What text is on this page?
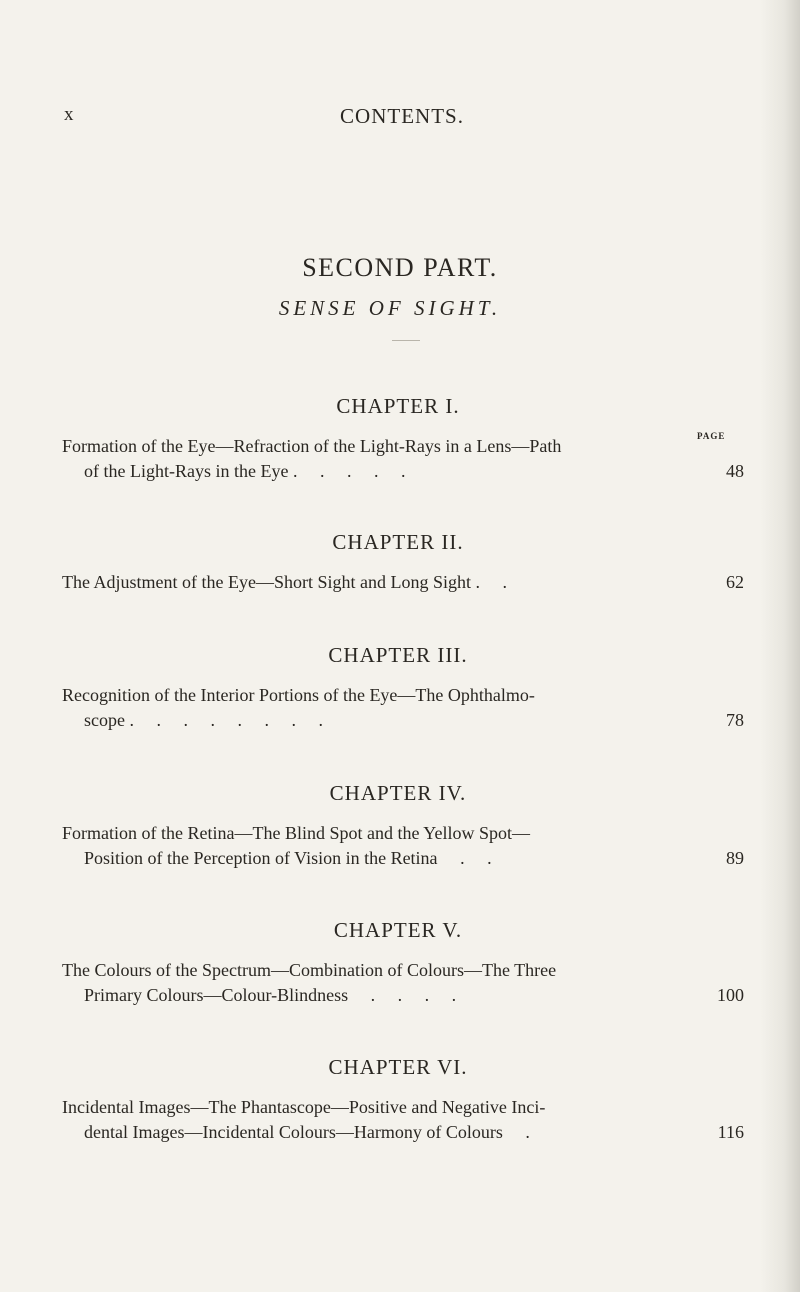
x	CONTENTS.
SECOND PART.
SENSE OF SIGHT.
PAGE
CHAPTER I.
Formation of the Eye—Refraction of the Light-Rays in a Lens—Path
of the Light-Rays in the Eye .     .     .     .     .	48
CHAPTER II.
The Adjustment of the Eye—Short Sight and Long Sight .     .	62
CHAPTER III.
Recognition of the Interior Portions of the Eye—The Ophthalmo-
scope .     .     .     .     .     .     .     .	78
CHAPTER IV.
Formation of the Retina—The Blind Spot and the Yellow Spot—
Position of the Perception of Vision in the Retina     .     .	89
CHAPTER V.
The Colours of the Spectrum—Combination of Colours—The Three
Primary Colours—Colour-Blindness     .     .     .     .	100
CHAPTER VI.
Incidental Images—The Phantascope—Positive and Negative Inci-
dental Images—Incidental Colours—Harmony of Colours     .	116
